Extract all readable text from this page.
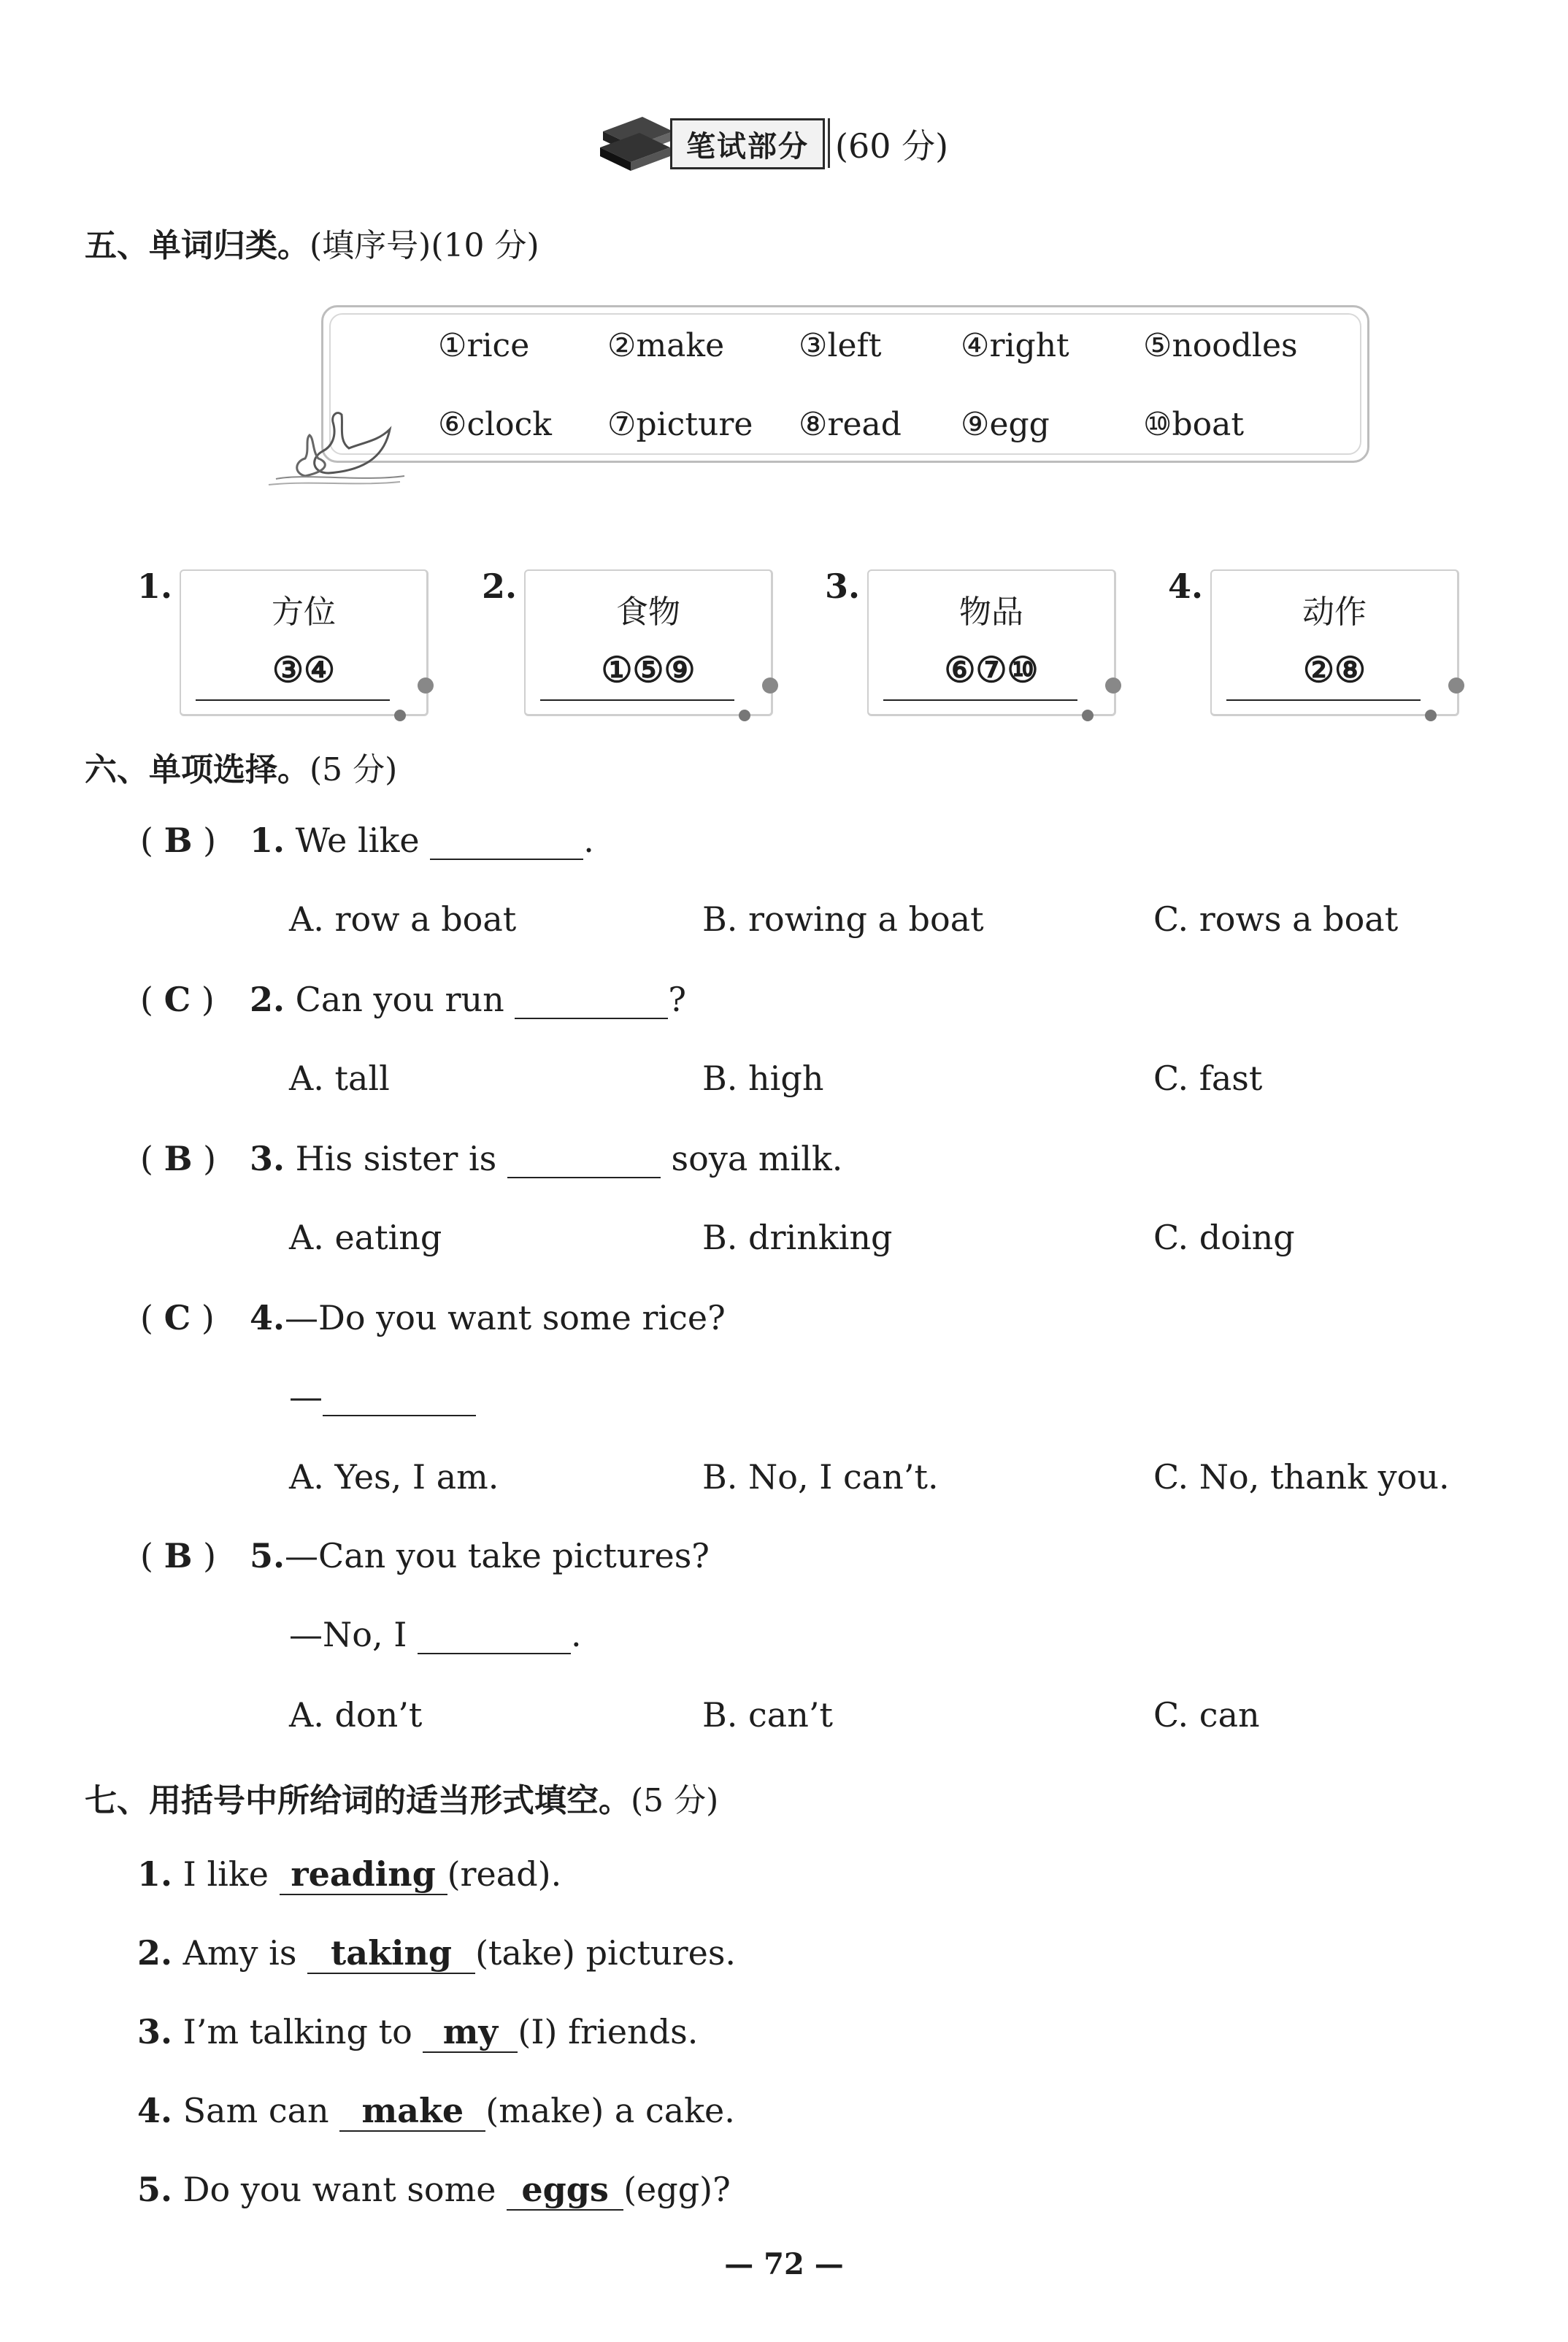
笔试部分 (60 分)
五、单词归类。(填序号)(10 分)
①rice ②make ③left ④right ⑤noodles
⑥clock ⑦picture ⑧read ⑨egg	⑩boat
1.
方位
③④
2.
食物
①⑤⑨
3.
物品
⑥⑦⑩
4.
动作
②⑧
六、单项选择。(5 分)
( B ) 1. We like	.
A. row a boat	B. rowing a boat	C. rows a boat
( C ) 2. Can you run	?
A. tall	B. high	C. fast
( B ) 3. His sister is	soya milk.
A. eating	B. drinking	C. doing
( C ) 4.—Do you want some rice?
—
A. Yes, I am.	B. No, I can’t.	C. No, thank you.
( B ) 5.—Can you take pictures?
—No, I	.
A. don’t	B. can’t	C. can
七、用括号中所给词的适当形式填空。(5 分)
1. I like reading (read).
2. Amy is taking (take) pictures.
3. I’m talking to my (I) friends.
4. Sam can make (make) a cake.
5. Do you want some eggs (egg)?
— 72 —
